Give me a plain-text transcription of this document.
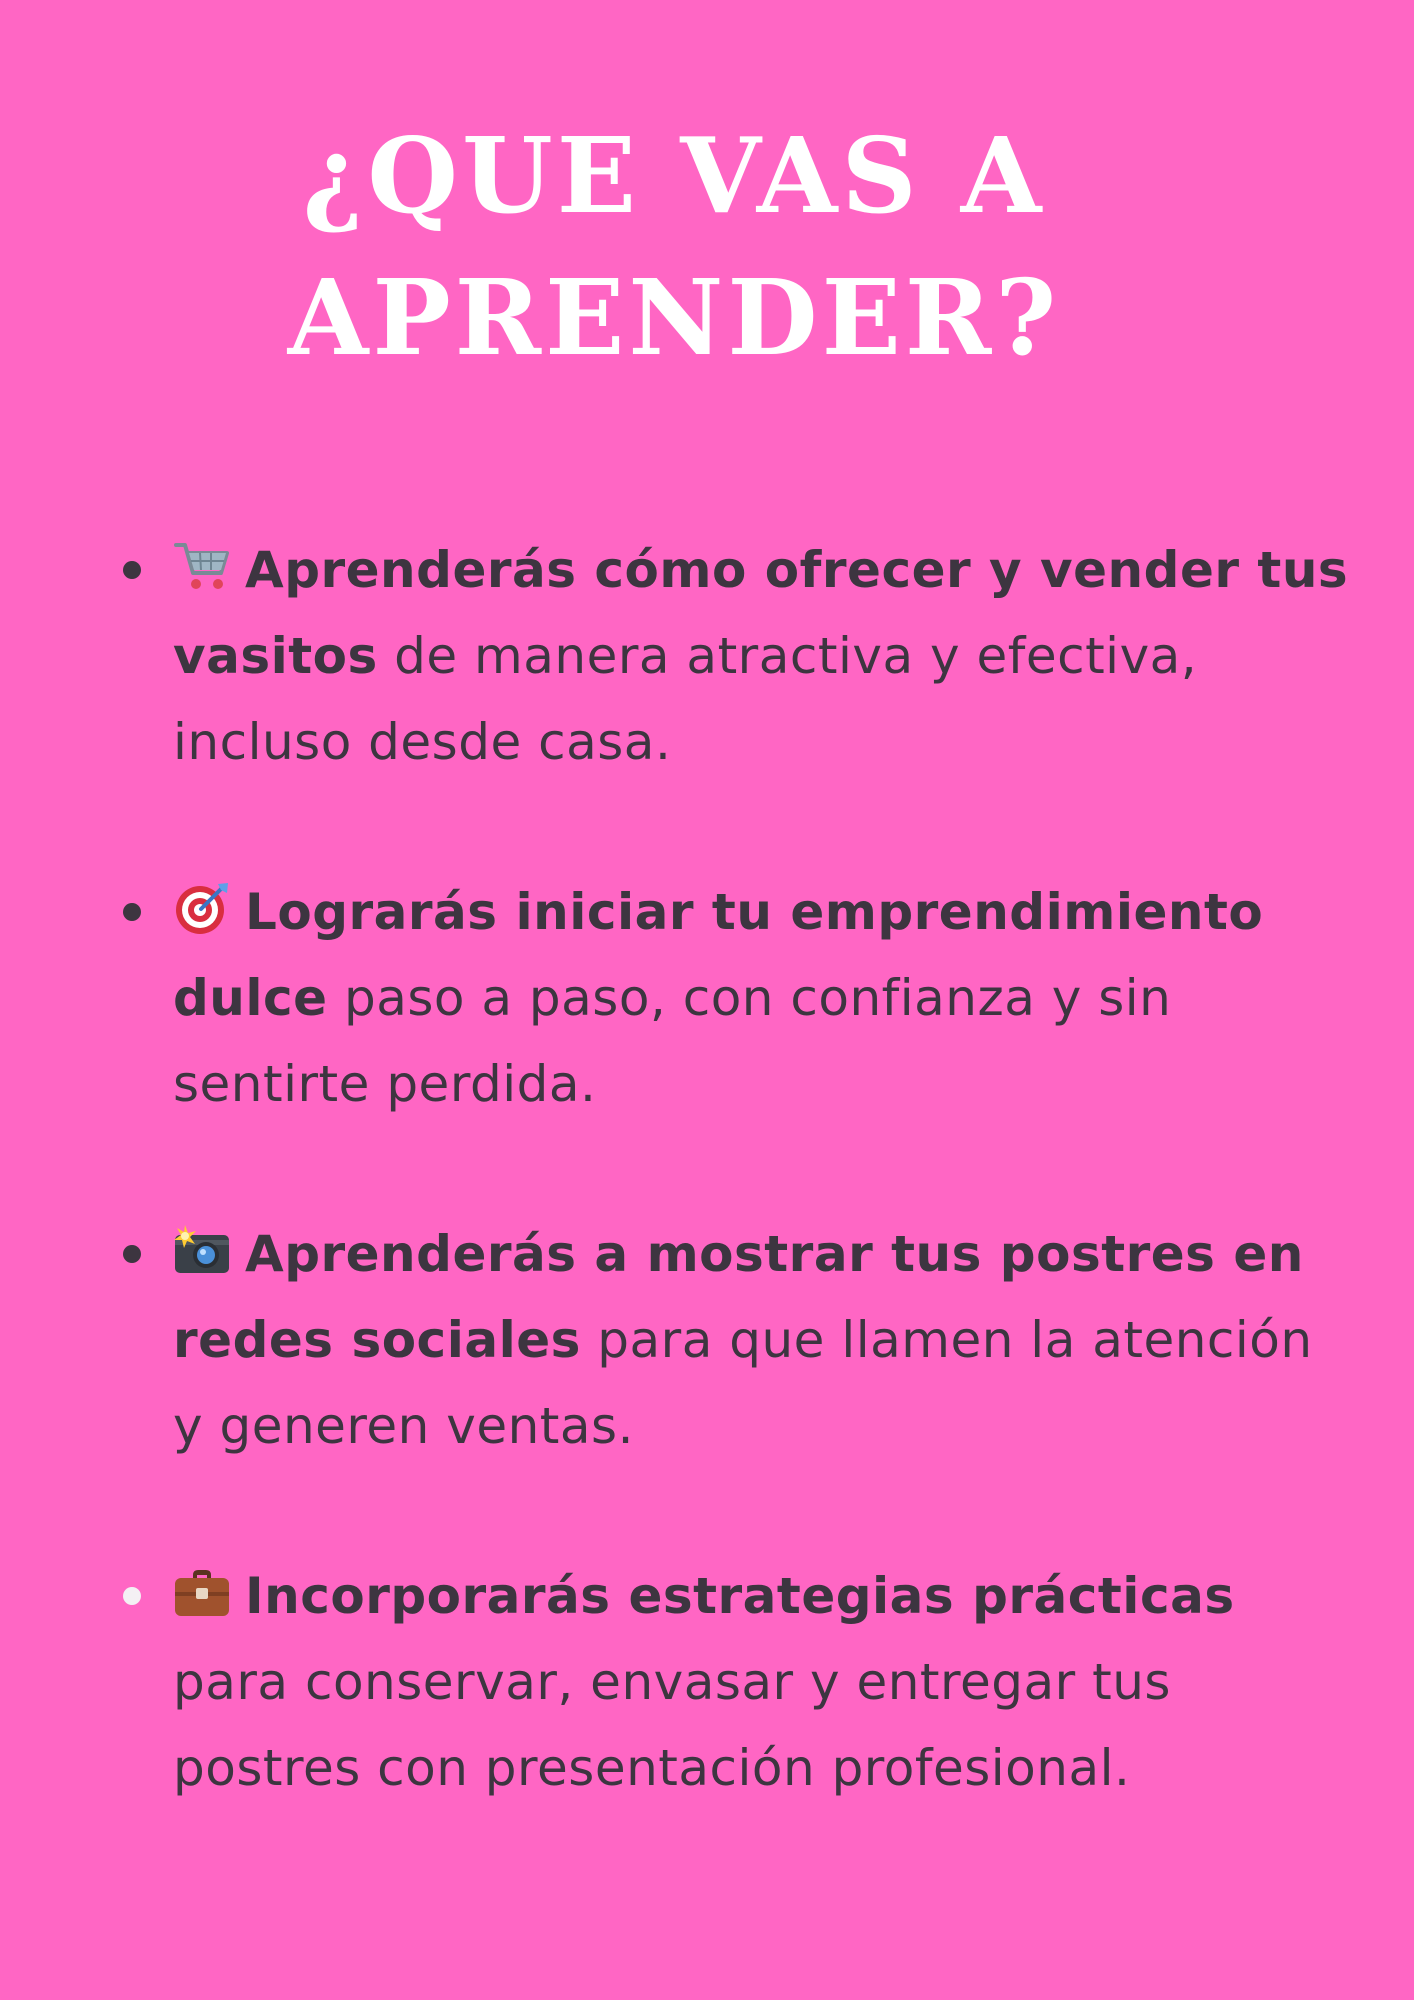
¿QUE VAS A
APRENDER?
Aprenderás cómo ofrecer y vender tus vasitos de manera atractiva y efectiva, incluso desde casa.
Lograrás iniciar tu emprendimiento dulce paso a paso, con confianza y sin sentirte perdida.
Aprenderás a mostrar tus postres en redes sociales para que llamen la atención y generen ventas.
Incorporarás estrategias prácticas para conservar, envasar y entregar tus postres con presentación profesional.
